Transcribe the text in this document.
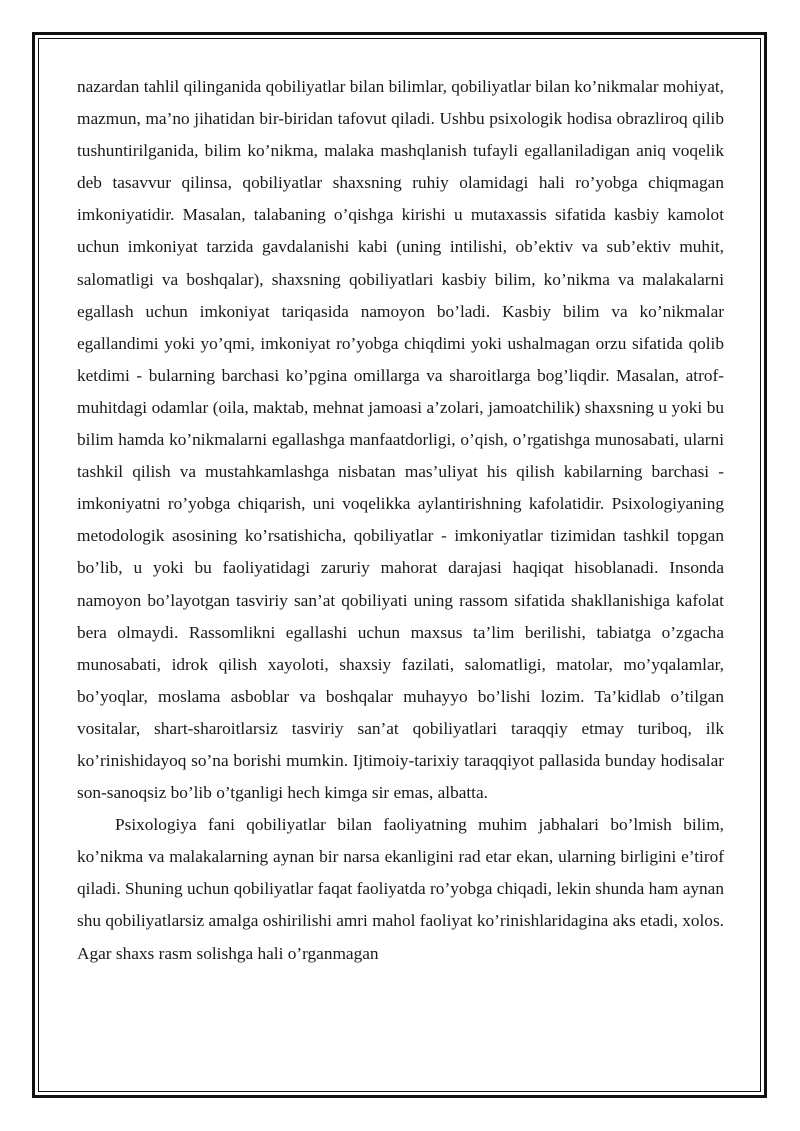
nazardan tahlil qilinganida qobiliyatlar bilan bilimlar, qobiliyatlar bilan ko’nikmalar mohiyat, mazmun, ma’no jihatidan bir-biridan tafovut qiladi. Ushbu psixologik hodisa obrazliroq qilib tushuntirilganida, bilim ko’nikma, malaka mashqlanish tufayli egallaniladigan aniq voqelik deb tasavvur qilinsa, qobiliyatlar shaxsning ruhiy olamidagi hali ro’yobga chiqmagan imkoniyatidir. Masalan, talabaning o’qishga kirishi u mutaxassis sifatida kasbiy kamolot uchun imkoniyat tarzida gavdalanishi kabi (uning intilishi, ob’ektiv va sub’ektiv muhit, salomatligi va boshqalar), shaxsning qobiliyatlari kasbiy bilim, ko’nikma va malakalarni egallash uchun imkoniyat tariqasida namoyon bo’ladi. Kasbiy bilim va ko’nikmalar egallandimi yoki yo’qmi, imkoniyat ro’yobga chiqdimi yoki ushalmagan orzu sifatida qolib ketdimi - bularning barchasi ko’pgina omillarga va sharoitlarga bog’liqdir. Masalan, atrof-muhitdagi odamlar (oila, maktab, mehnat jamoasi a’zolari, jamoatchilik) shaxsning u yoki bu bilim hamda ko’nikmalarni egallashga manfaatdorligi, o’qish, o’rgatishga munosabati, ularni tashkil qilish va mustahkamlashga nisbatan mas’uliyat his qilish kabilarning barchasi - imkoniyatni ro’yobga chiqarish, uni voqelikka aylantirishning kafolatidir. Psixologiyaning metodologik asosining ko’rsatishicha, qobiliyatlar - imkoniyatlar tizimidan tashkil topgan bo’lib, u yoki bu faoliyatidagi zaruriy mahorat darajasi haqiqat hisoblanadi. Insonda namoyon bo’layotgan tasviriy san’at qobiliyati uning rassom sifatida shakllanishiga kafolat bera olmaydi. Rassomlikni egallashi uchun maxsus ta’lim berilishi, tabiatga o’zgacha munosabati, idrok qilish xayoloti, shaxsiy fazilati, salomatligi, matolar, mo’yqalamlar, bo’yoqlar, moslama asboblar va boshqalar muhayyo bo’lishi lozim. Ta’kidlab o’tilgan vositalar, shart-sharoitlarsiz tasviriy san’at qobiliyatlari taraqqiy etmay turiboq, ilk ko’rinishidayoq so’na borishi mumkin. Ijtimoiy-tarixiy taraqqiyot pallasida bunday hodisalar son-sanoqsiz bo’lib o’tganligi hech kimga sir emas, albatta.

Psixologiya fani qobiliyatlar bilan faoliyatning muhim jabhalari bo’lmish bilim, ko’nikma va malakalarning aynan bir narsa ekanligini rad etar ekan, ularning birligini e’tirof qiladi. Shuning uchun qobiliyatlar faqat faoliyatda ro’yobga chiqadi, lekin shunda ham aynan shu qobiliyatlarsiz amalga oshirilishi amri mahol faoliyat ko’rinishlaridagina aks etadi, xolos. Agar shaxs rasm solishga hali o’rganmagan
